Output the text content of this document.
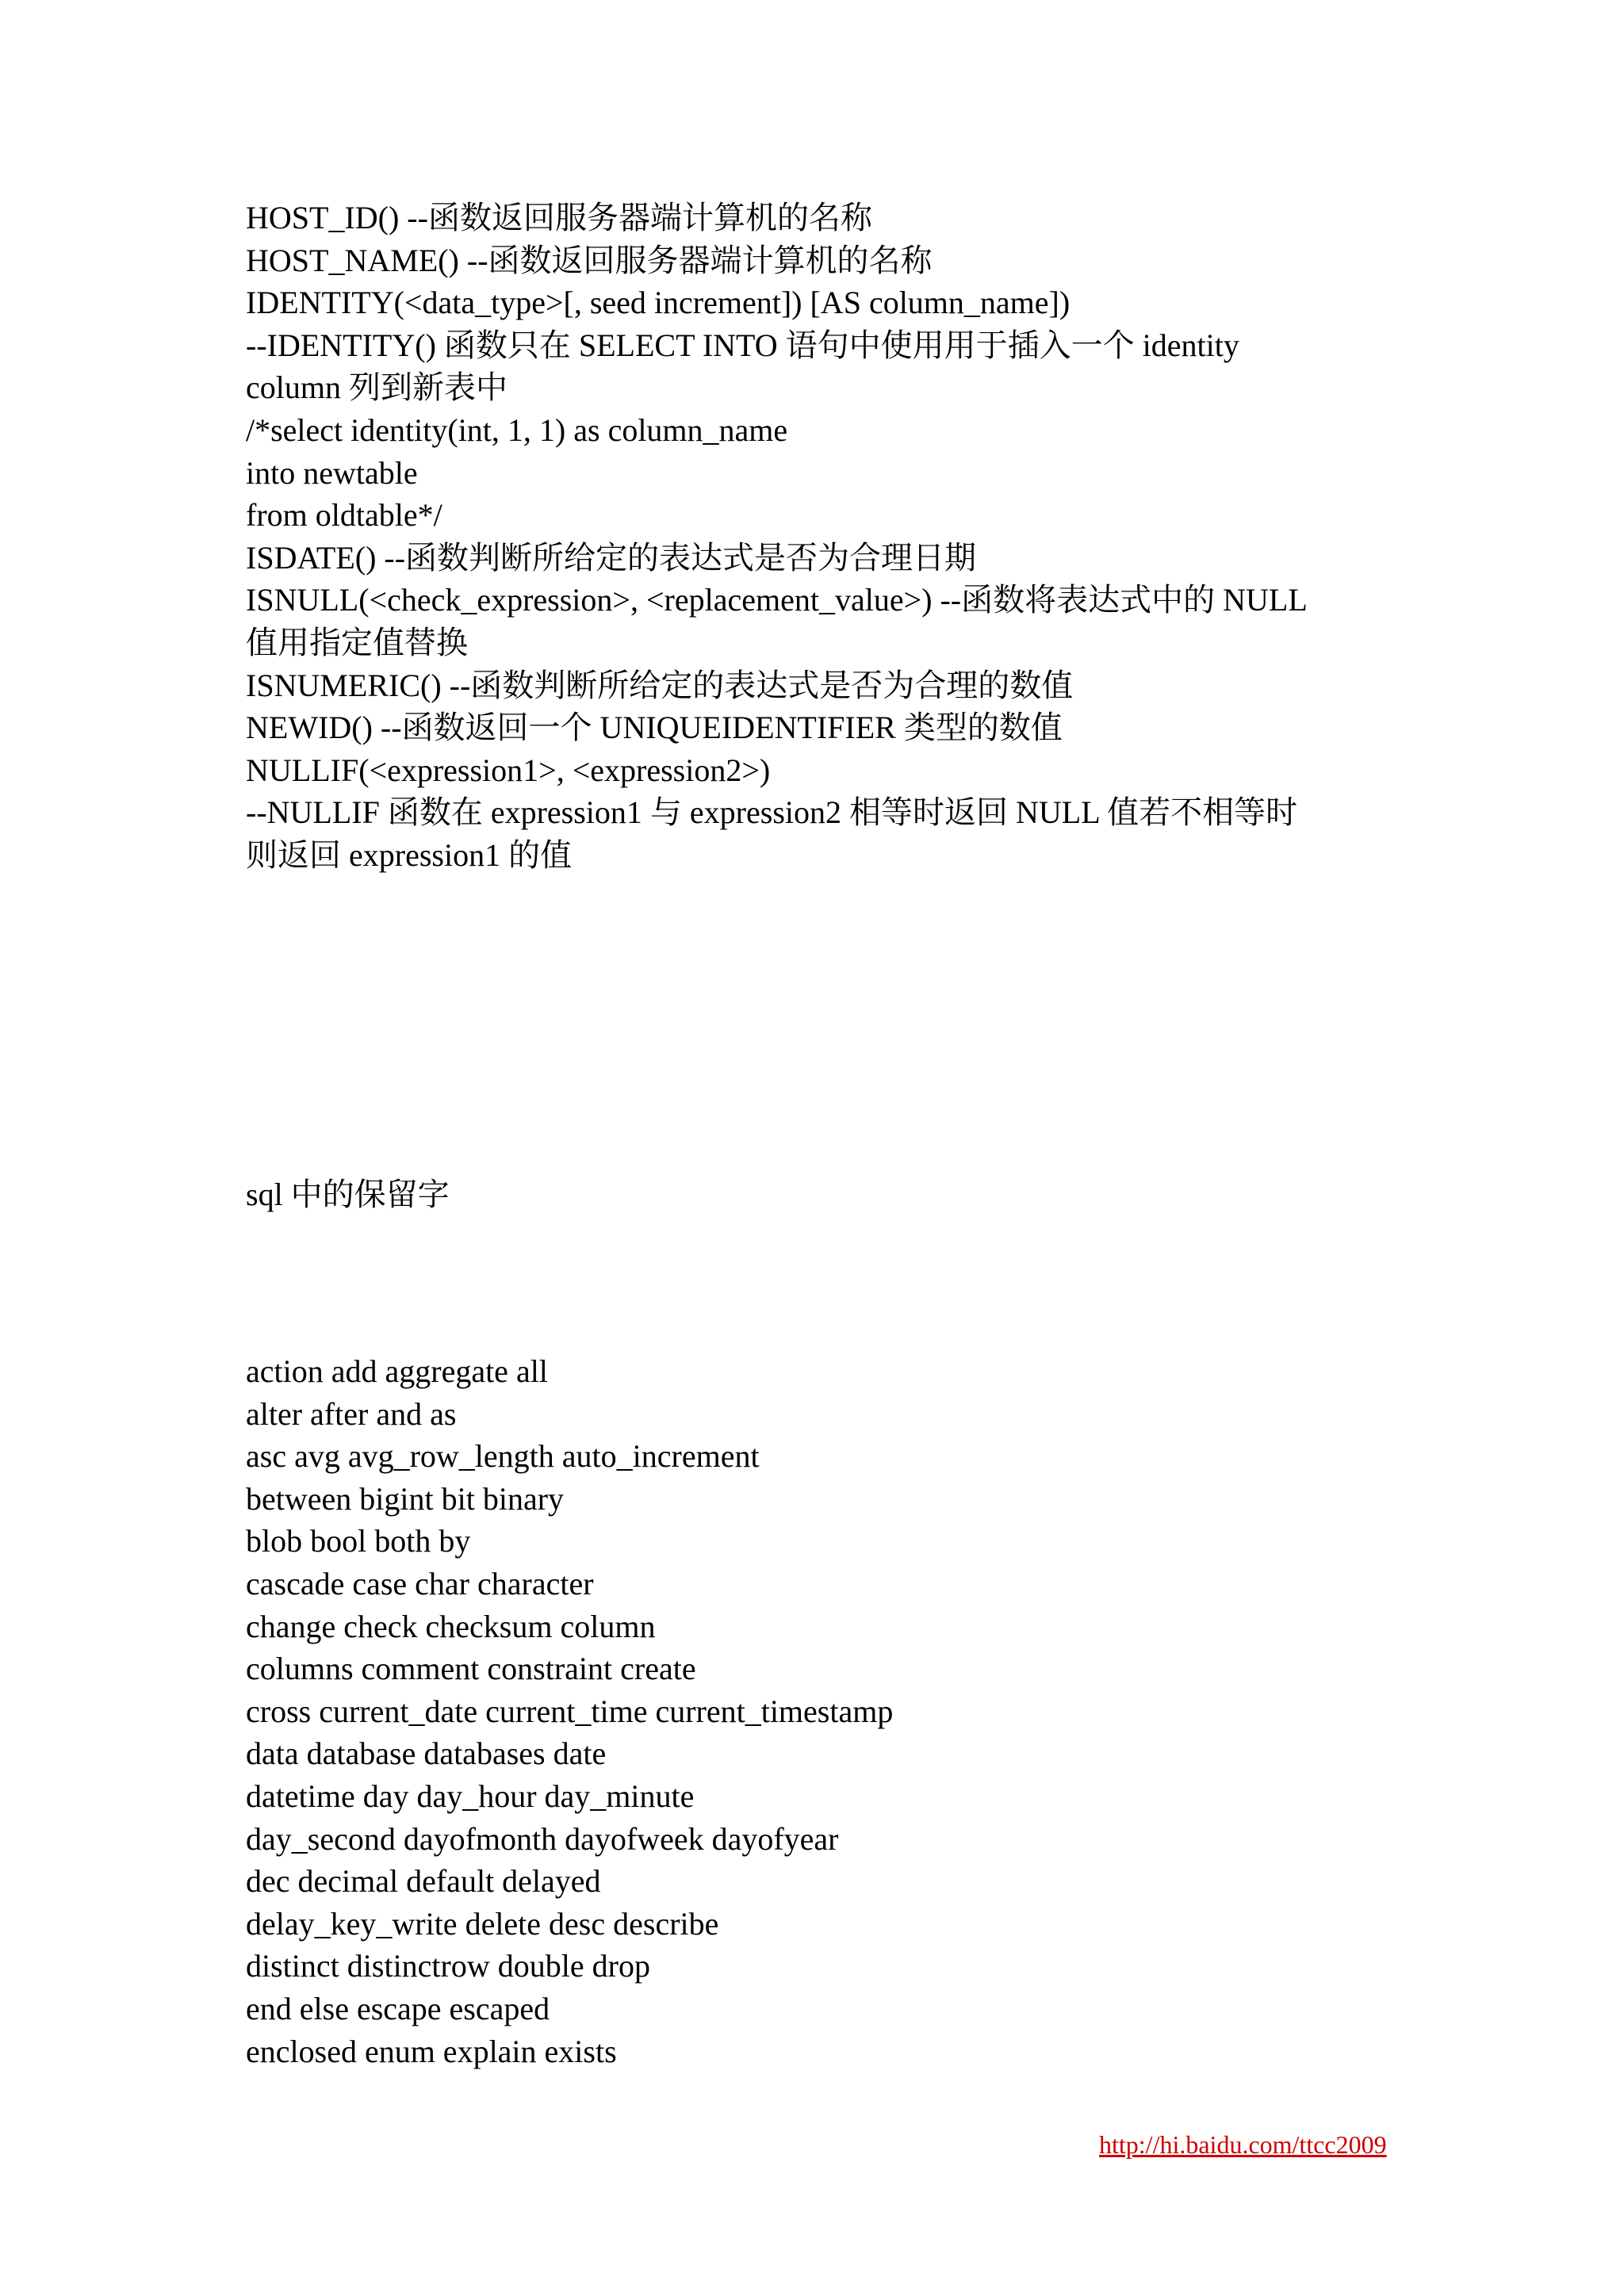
HOST_ID() --函数返回服务器端计算机的名称
HOST_NAME() --函数返回服务器端计算机的名称
IDENTITY(<data_type>[, seed increment]) [AS column_name])
--IDENTITY() 函数只在 SELECT INTO 语句中使用用于插入一个 identity
column 列到新表中
/*select identity(int, 1, 1) as column_name
into newtable
from oldtable*/
ISDATE() --函数判断所给定的表达式是否为合理日期
ISNULL(<check_expression>, <replacement_value>) --函数将表达式中的 NULL
值用指定值替换
ISNUMERIC() --函数判断所给定的表达式是否为合理的数值
NEWID() --函数返回一个 UNIQUEIDENTIFIER 类型的数值
NULLIF(<expression1>, <expression2>)
--NULLIF 函数在 expression1 与 expression2 相等时返回 NULL 值若不相等时
则返回 expression1 的值
sql 中的保留字
action add aggregate all
alter after and as
asc avg avg_row_length auto_increment
between bigint bit binary
blob bool both by
cascade case char character
change check checksum column
columns comment constraint create
cross current_date current_time current_timestamp
data database databases date
datetime day day_hour day_minute
day_second dayofmonth dayofweek dayofyear
dec decimal default delayed
delay_key_write delete desc describe
distinct distinctrow double drop
end else escape escaped
enclosed enum explain exists
http://hi.baidu.com/ttcc2009
